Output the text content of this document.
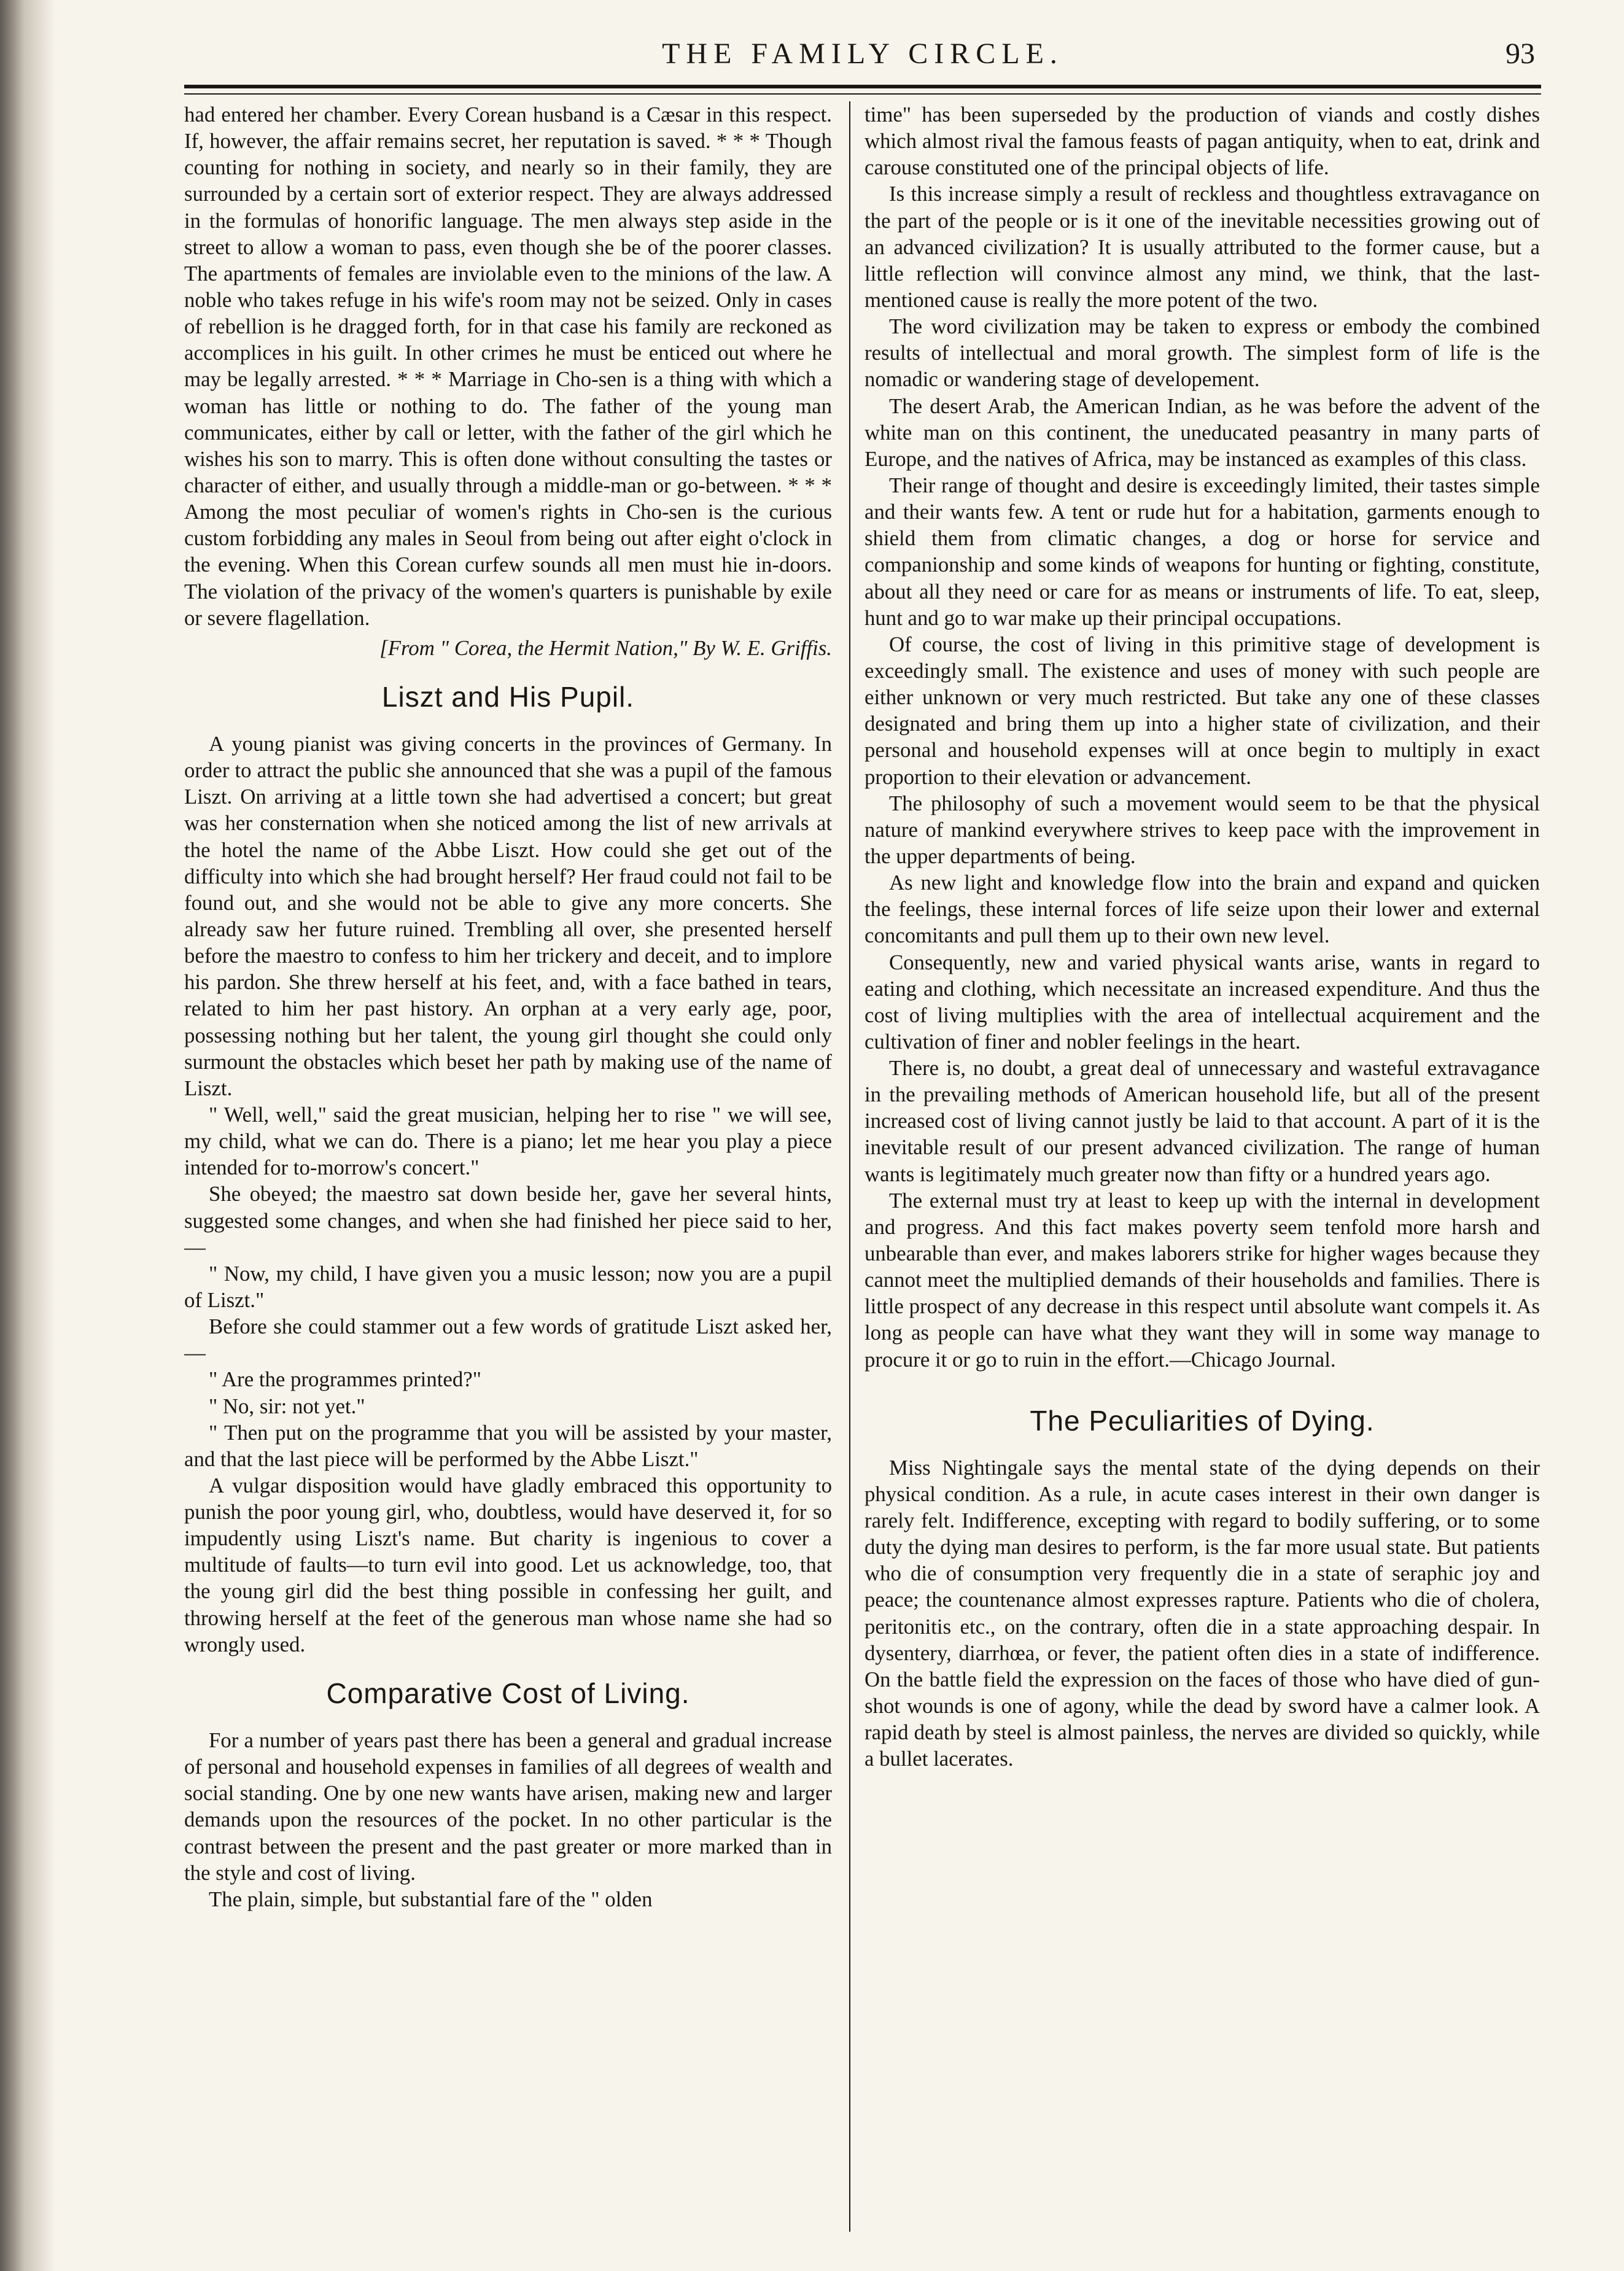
THE FAMILY CIRCLE.	93

had entered her chamber. Every Corean husband is a Cæsar in this respect. If, however, the affair remains secret, her reputation is saved. * * * Though counting for nothing in society, and nearly so in their family, they are surrounded by a certain sort of exterior respect. They are always addressed in the formulas of honorific language. The men always step aside in the street to allow a woman to pass, even though she be of the poorer classes. The apartments of females are inviolable even to the minions of the law. A noble who takes refuge in his wife's room may not be seized. Only in cases of rebellion is he dragged forth, for in that case his family are reckoned as accomplices in his guilt. In other crimes he must be enticed out where he may be legally arrested. * * * Marriage in Cho-sen is a thing with which a woman has little or nothing to do. The father of the young man communicates, either by call or letter, with the father of the girl which he wishes his son to marry. This is often done without consulting the tastes or character of either, and usually through a middle-man or go-between. * * * Among the most peculiar of women's rights in Cho-sen is the curious custom forbidding any males in Seoul from being out after eight o'clock in the evening. When this Corean curfew sounds all men must hie in-doors. The violation of the privacy of the women's quarters is punishable by exile or severe flagellation.

[From " Corea, the Hermit Nation," By W. E. Griffis.

Liszt and His Pupil.

A young pianist was giving concerts in the provinces of Germany. In order to attract the public she announced that she was a pupil of the famous Liszt. On arriving at a little town she had advertised a concert; but great was her consternation when she noticed among the list of new arrivals at the hotel the name of the Abbe Liszt. How could she get out of the difficulty into which she had brought herself? Her fraud could not fail to be found out, and she would not be able to give any more concerts. She already saw her future ruined. Trembling all over, she presented herself before the maestro to confess to him her trickery and deceit, and to implore his pardon. She threw herself at his feet, and, with a face bathed in tears, related to him her past history. An orphan at a very early age, poor, possessing nothing but her talent, the young girl thought she could only surmount the obstacles which beset her path by making use of the name of Liszt.

" Well, well," said the great musician, helping her to rise " we will see, my child, what we can do. There is a piano; let me hear you play a piece intended for to-morrow's concert."

She obeyed; the maestro sat down beside her, gave her several hints, suggested some changes, and when she had finished her piece said to her,—

" Now, my child, I have given you a music lesson; now you are a pupil of Liszt."

Before she could stammer out a few words of gratitude Liszt asked her,—

" Are the programmes printed?"

" No, sir: not yet."

" Then put on the programme that you will be assisted by your master, and that the last piece will be performed by the Abbe Liszt."

A vulgar disposition would have gladly embraced this opportunity to punish the poor young girl, who, doubtless, would have deserved it, for so impudently using Liszt's name. But charity is ingenious to cover a multitude of faults—to turn evil into good. Let us acknowledge, too, that the young girl did the best thing possible in confessing her guilt, and throwing herself at the feet of the generous man whose name she had so wrongly used.

Comparative Cost of Living.

For a number of years past there has been a general and gradual increase of personal and household expenses in families of all degrees of wealth and social standing. One by one new wants have arisen, making new and larger demands upon the resources of the pocket. In no other particular is the contrast between the present and the past greater or more marked than in the style and cost of living.

The plain, simple, but substantial fare of the " olden

time" has been superseded by the production of viands and costly dishes which almost rival the famous feasts of pagan antiquity, when to eat, drink and carouse constituted one of the principal objects of life.

Is this increase simply a result of reckless and thoughtless extravagance on the part of the people or is it one of the inevitable necessities growing out of an advanced civilization? It is usually attributed to the former cause, but a little reflection will convince almost any mind, we think, that the last-mentioned cause is really the more potent of the two.

The word civilization may be taken to express or embody the combined results of intellectual and moral growth. The simplest form of life is the nomadic or wandering stage of developement.

The desert Arab, the American Indian, as he was before the advent of the white man on this continent, the uneducated peasantry in many parts of Europe, and the natives of Africa, may be instanced as examples of this class.

Their range of thought and desire is exceedingly limited, their tastes simple and their wants few. A tent or rude hut for a habitation, garments enough to shield them from climatic changes, a dog or horse for service and companionship and some kinds of weapons for hunting or fighting, constitute, about all they need or care for as means or instruments of life. To eat, sleep, hunt and go to war make up their principal occupations.

Of course, the cost of living in this primitive stage of development is exceedingly small. The existence and uses of money with such people are either unknown or very much restricted. But take any one of these classes designated and bring them up into a higher state of civilization, and their personal and household expenses will at once begin to multiply in exact proportion to their elevation or advancement.

The philosophy of such a movement would seem to be that the physical nature of mankind everywhere strives to keep pace with the improvement in the upper departments of being.

As new light and knowledge flow into the brain and expand and quicken the feelings, these internal forces of life seize upon their lower and external concomitants and pull them up to their own new level.

Consequently, new and varied physical wants arise, wants in regard to eating and clothing, which necessitate an increased expenditure. And thus the cost of living multiplies with the area of intellectual acquirement and the cultivation of finer and nobler feelings in the heart.

There is, no doubt, a great deal of unnecessary and wasteful extravagance in the prevailing methods of American household life, but all of the present increased cost of living cannot justly be laid to that account. A part of it is the inevitable result of our present advanced civilization. The range of human wants is legitimately much greater now than fifty or a hundred years ago.

The external must try at least to keep up with the internal in development and progress. And this fact makes poverty seem tenfold more harsh and unbearable than ever, and makes laborers strike for higher wages because they cannot meet the multiplied demands of their households and families. There is little prospect of any decrease in this respect until absolute want compels it. As long as people can have what they want they will in some way manage to procure it or go to ruin in the effort.—Chicago Journal.

The Peculiarities of Dying.

Miss Nightingale says the mental state of the dying depends on their physical condition. As a rule, in acute cases interest in their own danger is rarely felt. Indifference, excepting with regard to bodily suffering, or to some duty the dying man desires to perform, is the far more usual state. But patients who die of consumption very frequently die in a state of seraphic joy and peace; the countenance almost expresses rapture. Patients who die of cholera, peritonitis etc., on the contrary, often die in a state approaching despair. In dysentery, diarrhœa, or fever, the patient often dies in a state of indifference. On the battle field the expression on the faces of those who have died of gun-shot wounds is one of agony, while the dead by sword have a calmer look. A rapid death by steel is almost painless, the nerves are divided so quickly, while a bullet lacerates.
